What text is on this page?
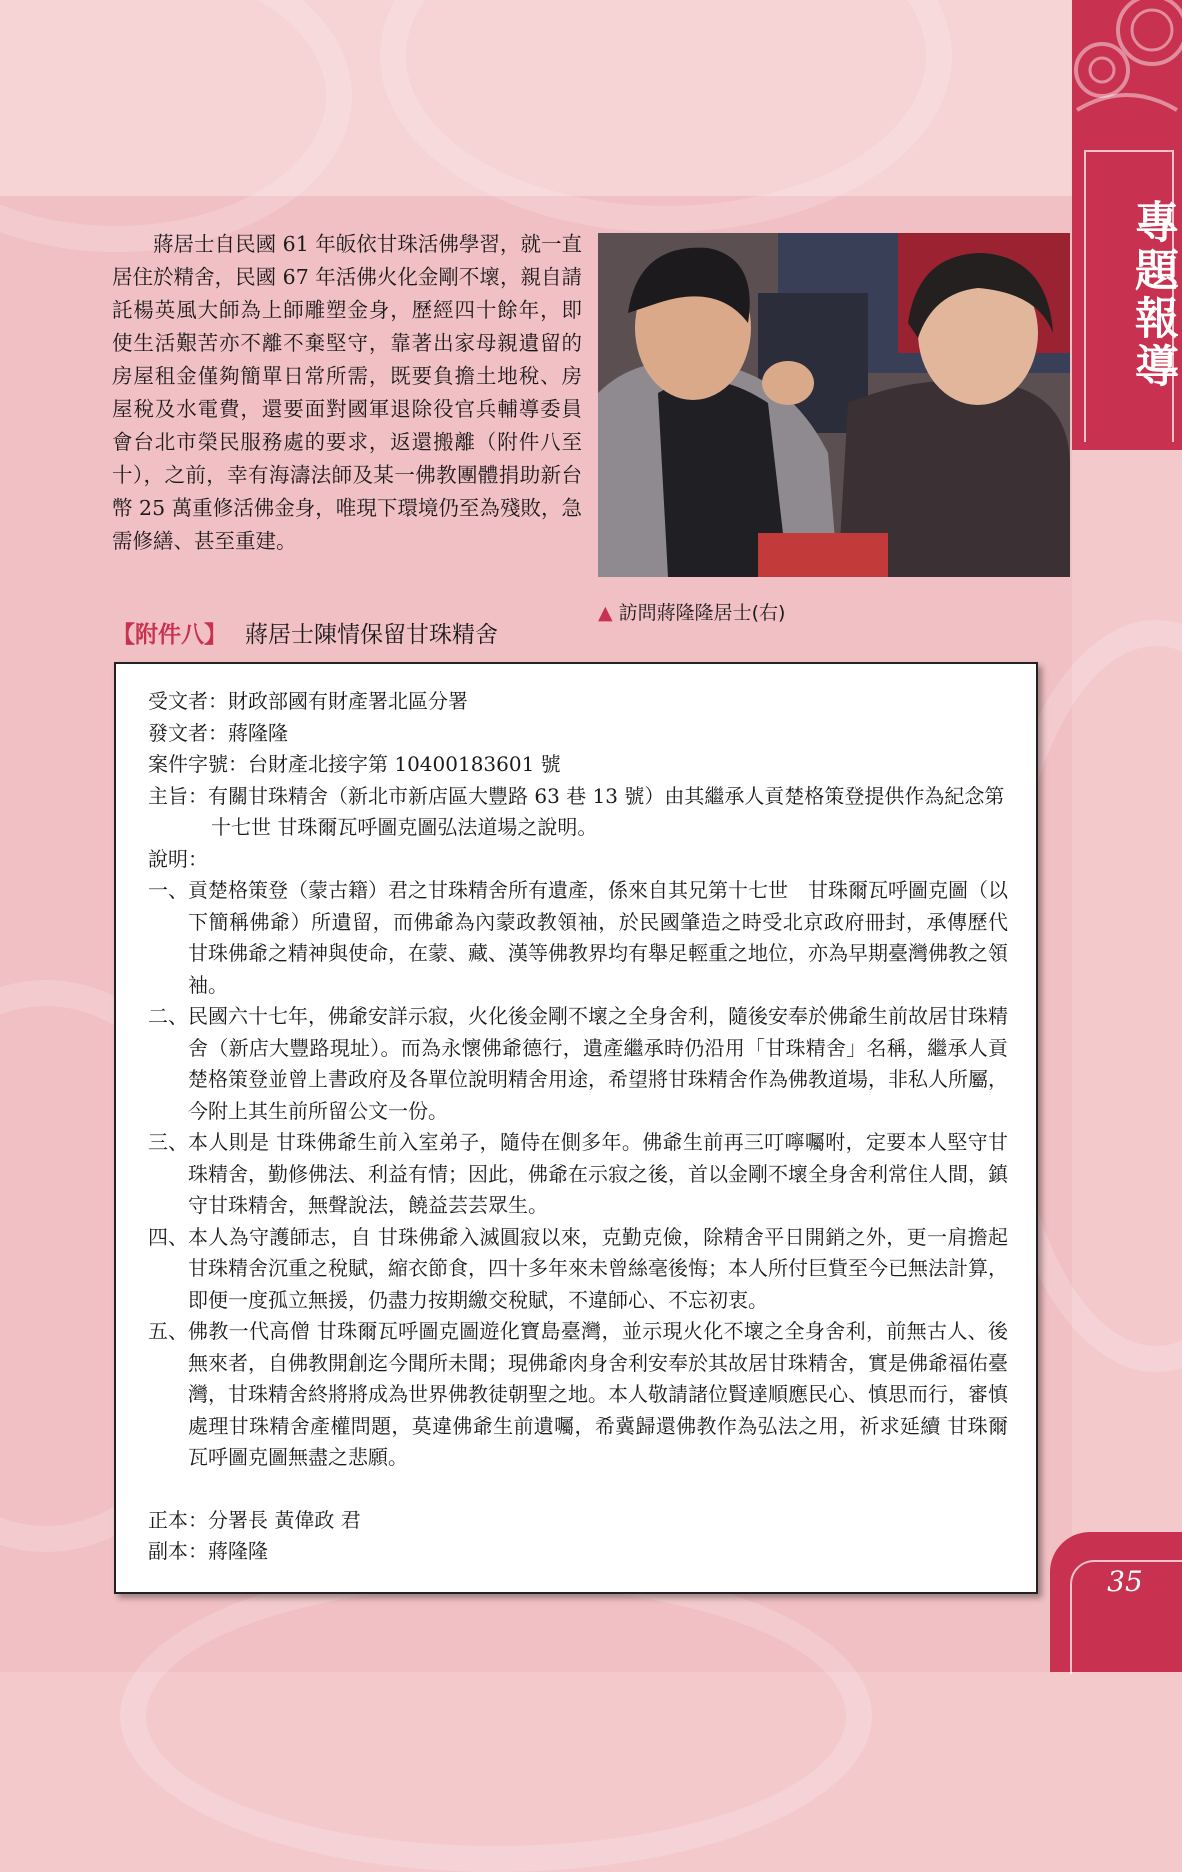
專題報導

蔣居士自民國 61 年皈依甘珠活佛學習，就一直居住於精舍，民國 67 年活佛火化金剛不壞，親自請託楊英風大師為上師雕塑金身，歷經四十餘年，即使生活艱苦亦不離不棄堅守，靠著出家母親遺留的房屋租金僅夠簡單日常所需，既要負擔土地稅、房屋稅及水電費，還要面對國軍退除役官兵輔導委員會台北市榮民服務處的要求，返還搬離（附件八至十），之前，幸有海濤法師及某一佛教團體捐助新台幣 25 萬重修活佛金身，唯現下環境仍至為殘敗，急需修繕、甚至重建。

▲ 訪問蔣隆隆居士(右)
【附件八】 蔣居士陳情保留甘珠精舍
受文者：財政部國有財產署北區分署
發文者：蔣隆隆
案件字號：台財產北接字第 10400183601 號
主旨：有關甘珠精舍（新北市新店區大豐路 63 巷 13 號）由其繼承人貢楚格策登提供作為紀念第十七世 甘珠爾瓦呼圖克圖弘法道場之說明。
說明：
一、 貢楚格策登（蒙古籍）君之甘珠精舍所有遺產，係來自其兄第十七世　甘珠爾瓦呼圖克圖（以下簡稱佛爺）所遺留，而佛爺為內蒙政教領袖，於民國肇造之時受北京政府冊封，承傳歷代 甘珠佛爺之精神與使命，在蒙、藏、漢等佛教界均有舉足輕重之地位，亦為早期臺灣佛教之領袖。
二、 民國六十七年，佛爺安詳示寂，火化後金剛不壞之全身舍利，隨後安奉於佛爺生前故居甘珠精舍（新店大豐路現址）。而為永懷佛爺德行，遺產繼承時仍沿用「甘珠精舍」名稱，繼承人貢楚格策登並曾上書政府及各單位說明精舍用途，希望將甘珠精舍作為佛教道場，非私人所屬，今附上其生前所留公文一份。
三、 本人則是 甘珠佛爺生前入室弟子，隨侍在側多年。佛爺生前再三叮嚀囑咐，定要本人堅守甘珠精舍，勤修佛法、利益有情；因此，佛爺在示寂之後，首以金剛不壞全身舍利常住人間，鎮守甘珠精舍，無聲說法，饒益芸芸眾生。
四、 本人為守護師志，自 甘珠佛爺入滅圓寂以來，克勤克儉，除精舍平日開銷之外，更一肩擔起甘珠精舍沉重之稅賦，縮衣節食，四十多年來未曾絲毫後悔；本人所付巨貲至今已無法計算，即便一度孤立無援，仍盡力按期繳交稅賦，不違師心、不忘初衷。
五、 佛教一代高僧 甘珠爾瓦呼圖克圖遊化寶島臺灣，並示現火化不壞之全身舍利，前無古人、後無來者，自佛教開創迄今聞所未聞；現佛爺肉身舍利安奉於其故居甘珠精舍，實是佛爺福佑臺灣，甘珠精舍終將將成為世界佛教徒朝聖之地。本人敬請諸位賢達順應民心、慎思而行，審慎處理甘珠精舍產權問題，莫違佛爺生前遺囑，希冀歸還佛教作為弘法之用，祈求延續 甘珠爾瓦呼圖克圖無盡之悲願。
正本：分署長 黃偉政 君
副本：蔣隆隆
35
